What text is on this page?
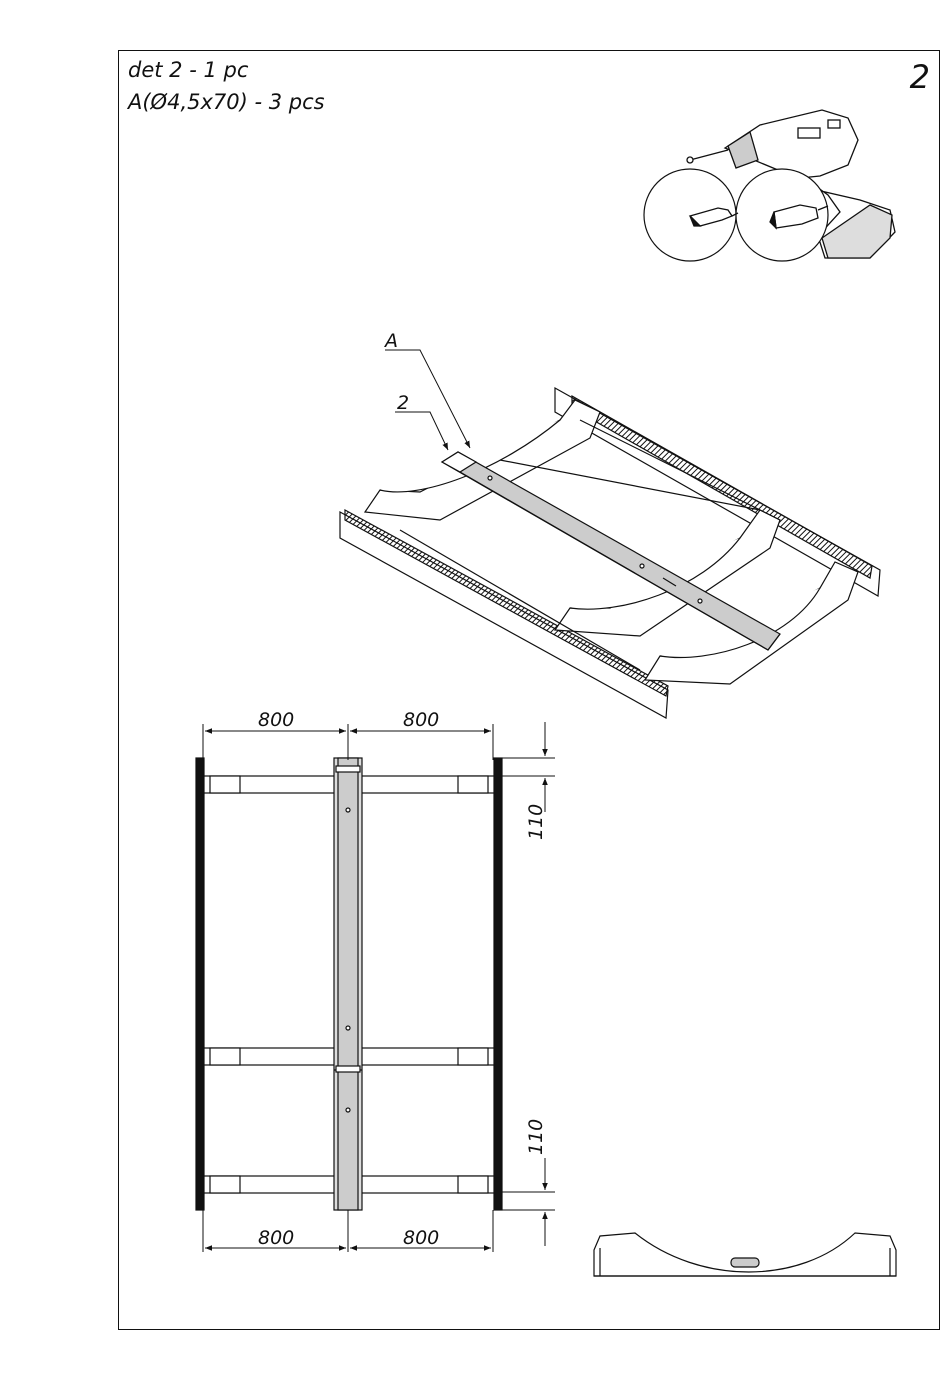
det 2 - 1 pc
A(Ø4,5x70) - 3 pcs
2
A
2
800	800
800	800
110
110
